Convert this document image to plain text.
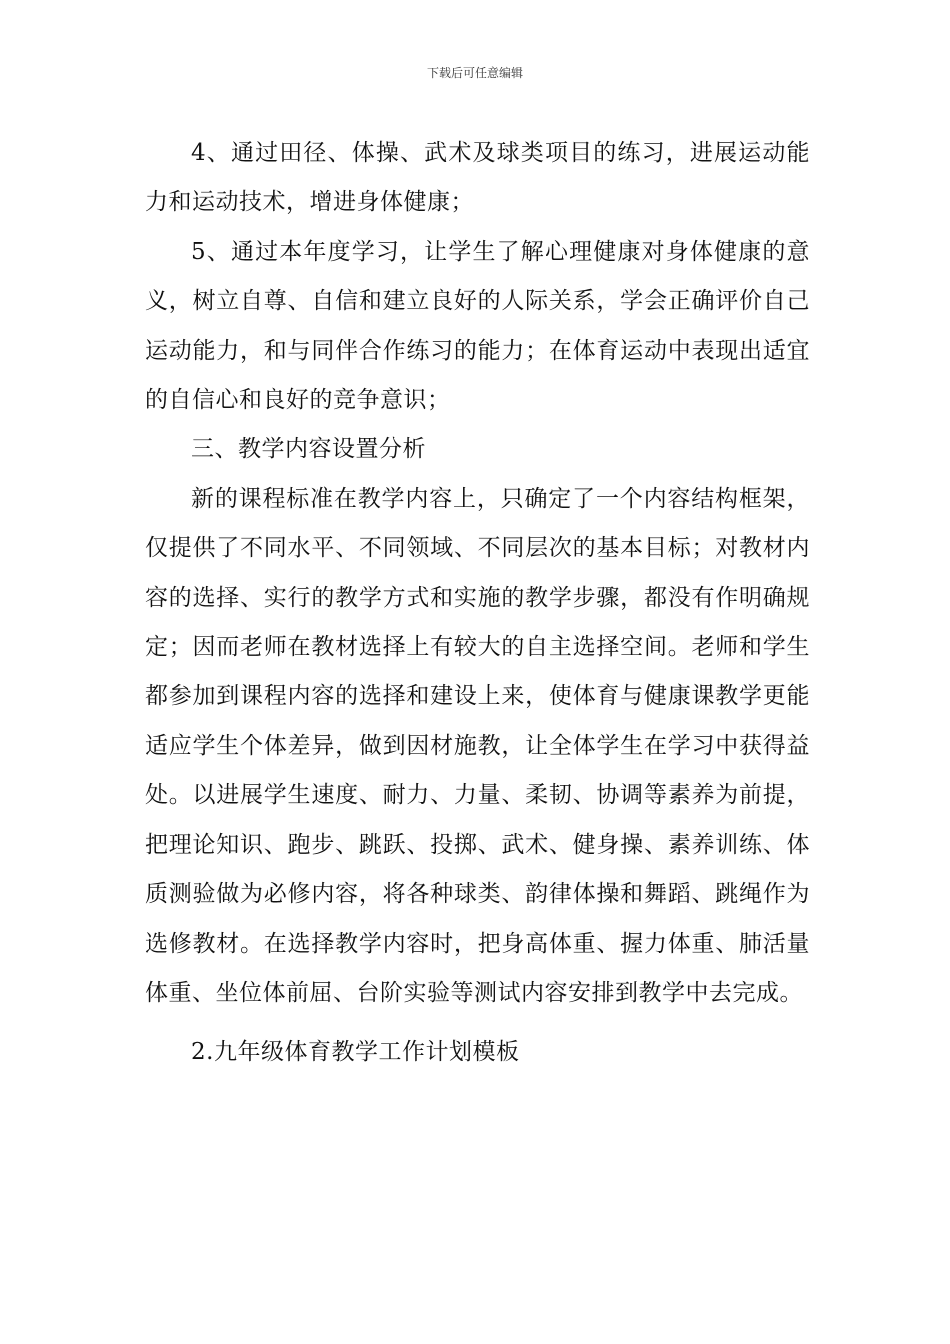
下载后可任意编辑

4、通过田径、体操、武术及球类项目的练习，进展运动能力和运动技术，增进身体健康；

5、通过本年度学习，让学生了解心理健康对身体健康的意义，树立自尊、自信和建立良好的人际关系，学会正确评价自己运动能力，和与同伴合作练习的能力；在体育运动中表现出适宜的自信心和良好的竞争意识；

三、教学内容设置分析

新的课程标准在教学内容上，只确定了一个内容结构框架，仅提供了不同水平、不同领域、不同层次的基本目标；对教材内容的选择、实行的教学方式和实施的教学步骤，都没有作明确规定；因而老师在教材选择上有较大的自主选择空间。老师和学生都参加到课程内容的选择和建设上来，使体育与健康课教学更能适应学生个体差异，做到因材施教，让全体学生在学习中获得益处。以进展学生速度、耐力、力量、柔韧、协调等素养为前提，把理论知识、跑步、跳跃、投掷、武术、健身操、素养训练、体质测验做为必修内容，将各种球类、韵律体操和舞蹈、跳绳作为选修教材。在选择教学内容时，把身高体重、握力体重、肺活量体重、坐位体前屈、台阶实验等测试内容安排到教学中去完成。

2.九年级体育教学工作计划模板
